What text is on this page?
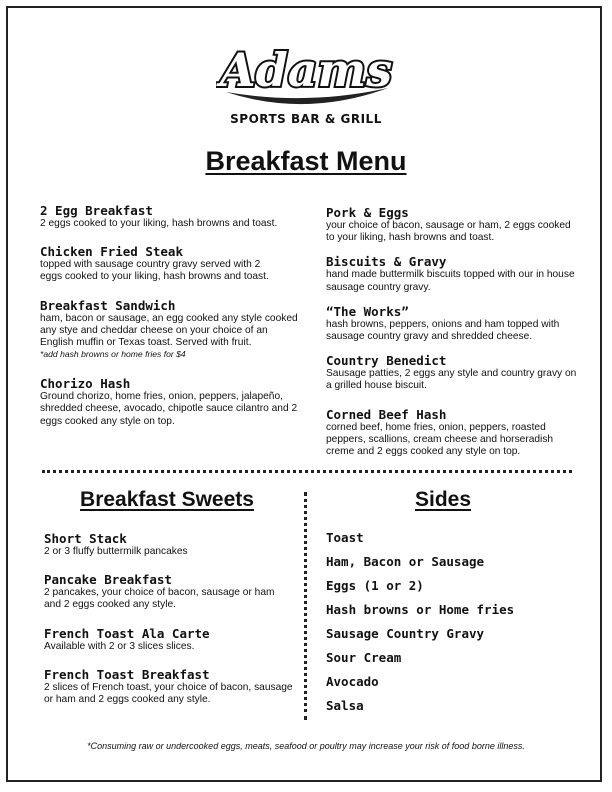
Adams
SPORTS BAR & GRILL
Breakfast Menu
2 Egg Breakfast
2 eggs cooked to your liking, hash browns and toast.
Chicken Fried Steak
topped with sausage country gravy served with 2 eggs cooked to your liking, hash browns and toast.
Breakfast Sandwich
ham, bacon or sausage, an egg cooked any style cooked any stye and cheddar cheese on your choice of an English muffin or Texas toast. Served with fruit.
*add hash browns or home fries for $4
Chorizo Hash
Ground chorizo, home fries, onion, peppers, jalapeño, shredded cheese, avocado, chipotle sauce cilantro and 2 eggs cooked any style on top.
Pork & Eggs
your choice of bacon, sausage or ham, 2 eggs cooked to your liking, hash browns and toast.
Biscuits & Gravy
hand made buttermilk biscuits topped with our in house sausage country gravy.
“The Works”
hash browns, peppers, onions and ham topped with sausage country gravy and shredded cheese.
Country Benedict
Sausage patties, 2 eggs any style and country gravy on a grilled house biscuit.
Corned Beef Hash
corned beef, home fries, onion, peppers, roasted peppers, scallions, cream cheese and horseradish creme and 2 eggs cooked any style on top.
Breakfast Sweets
Short Stack
2 or 3 fluffy buttermilk pancakes
Pancake Breakfast
2 pancakes, your choice of bacon, sausage or ham and 2 eggs cooked any style.
French Toast Ala Carte
Available with 2 or 3 slices slices.
French Toast Breakfast
2 slices of French toast, your choice of bacon, sausage or ham and 2 eggs cooked any style.
Sides
Toast
Ham, Bacon or Sausage
Eggs (1 or 2)
Hash browns or Home fries
Sausage Country Gravy
Sour Cream
Avocado
Salsa
*Consuming raw or undercooked eggs, meats, seafood or poultry may increase your risk of food borne illness.
